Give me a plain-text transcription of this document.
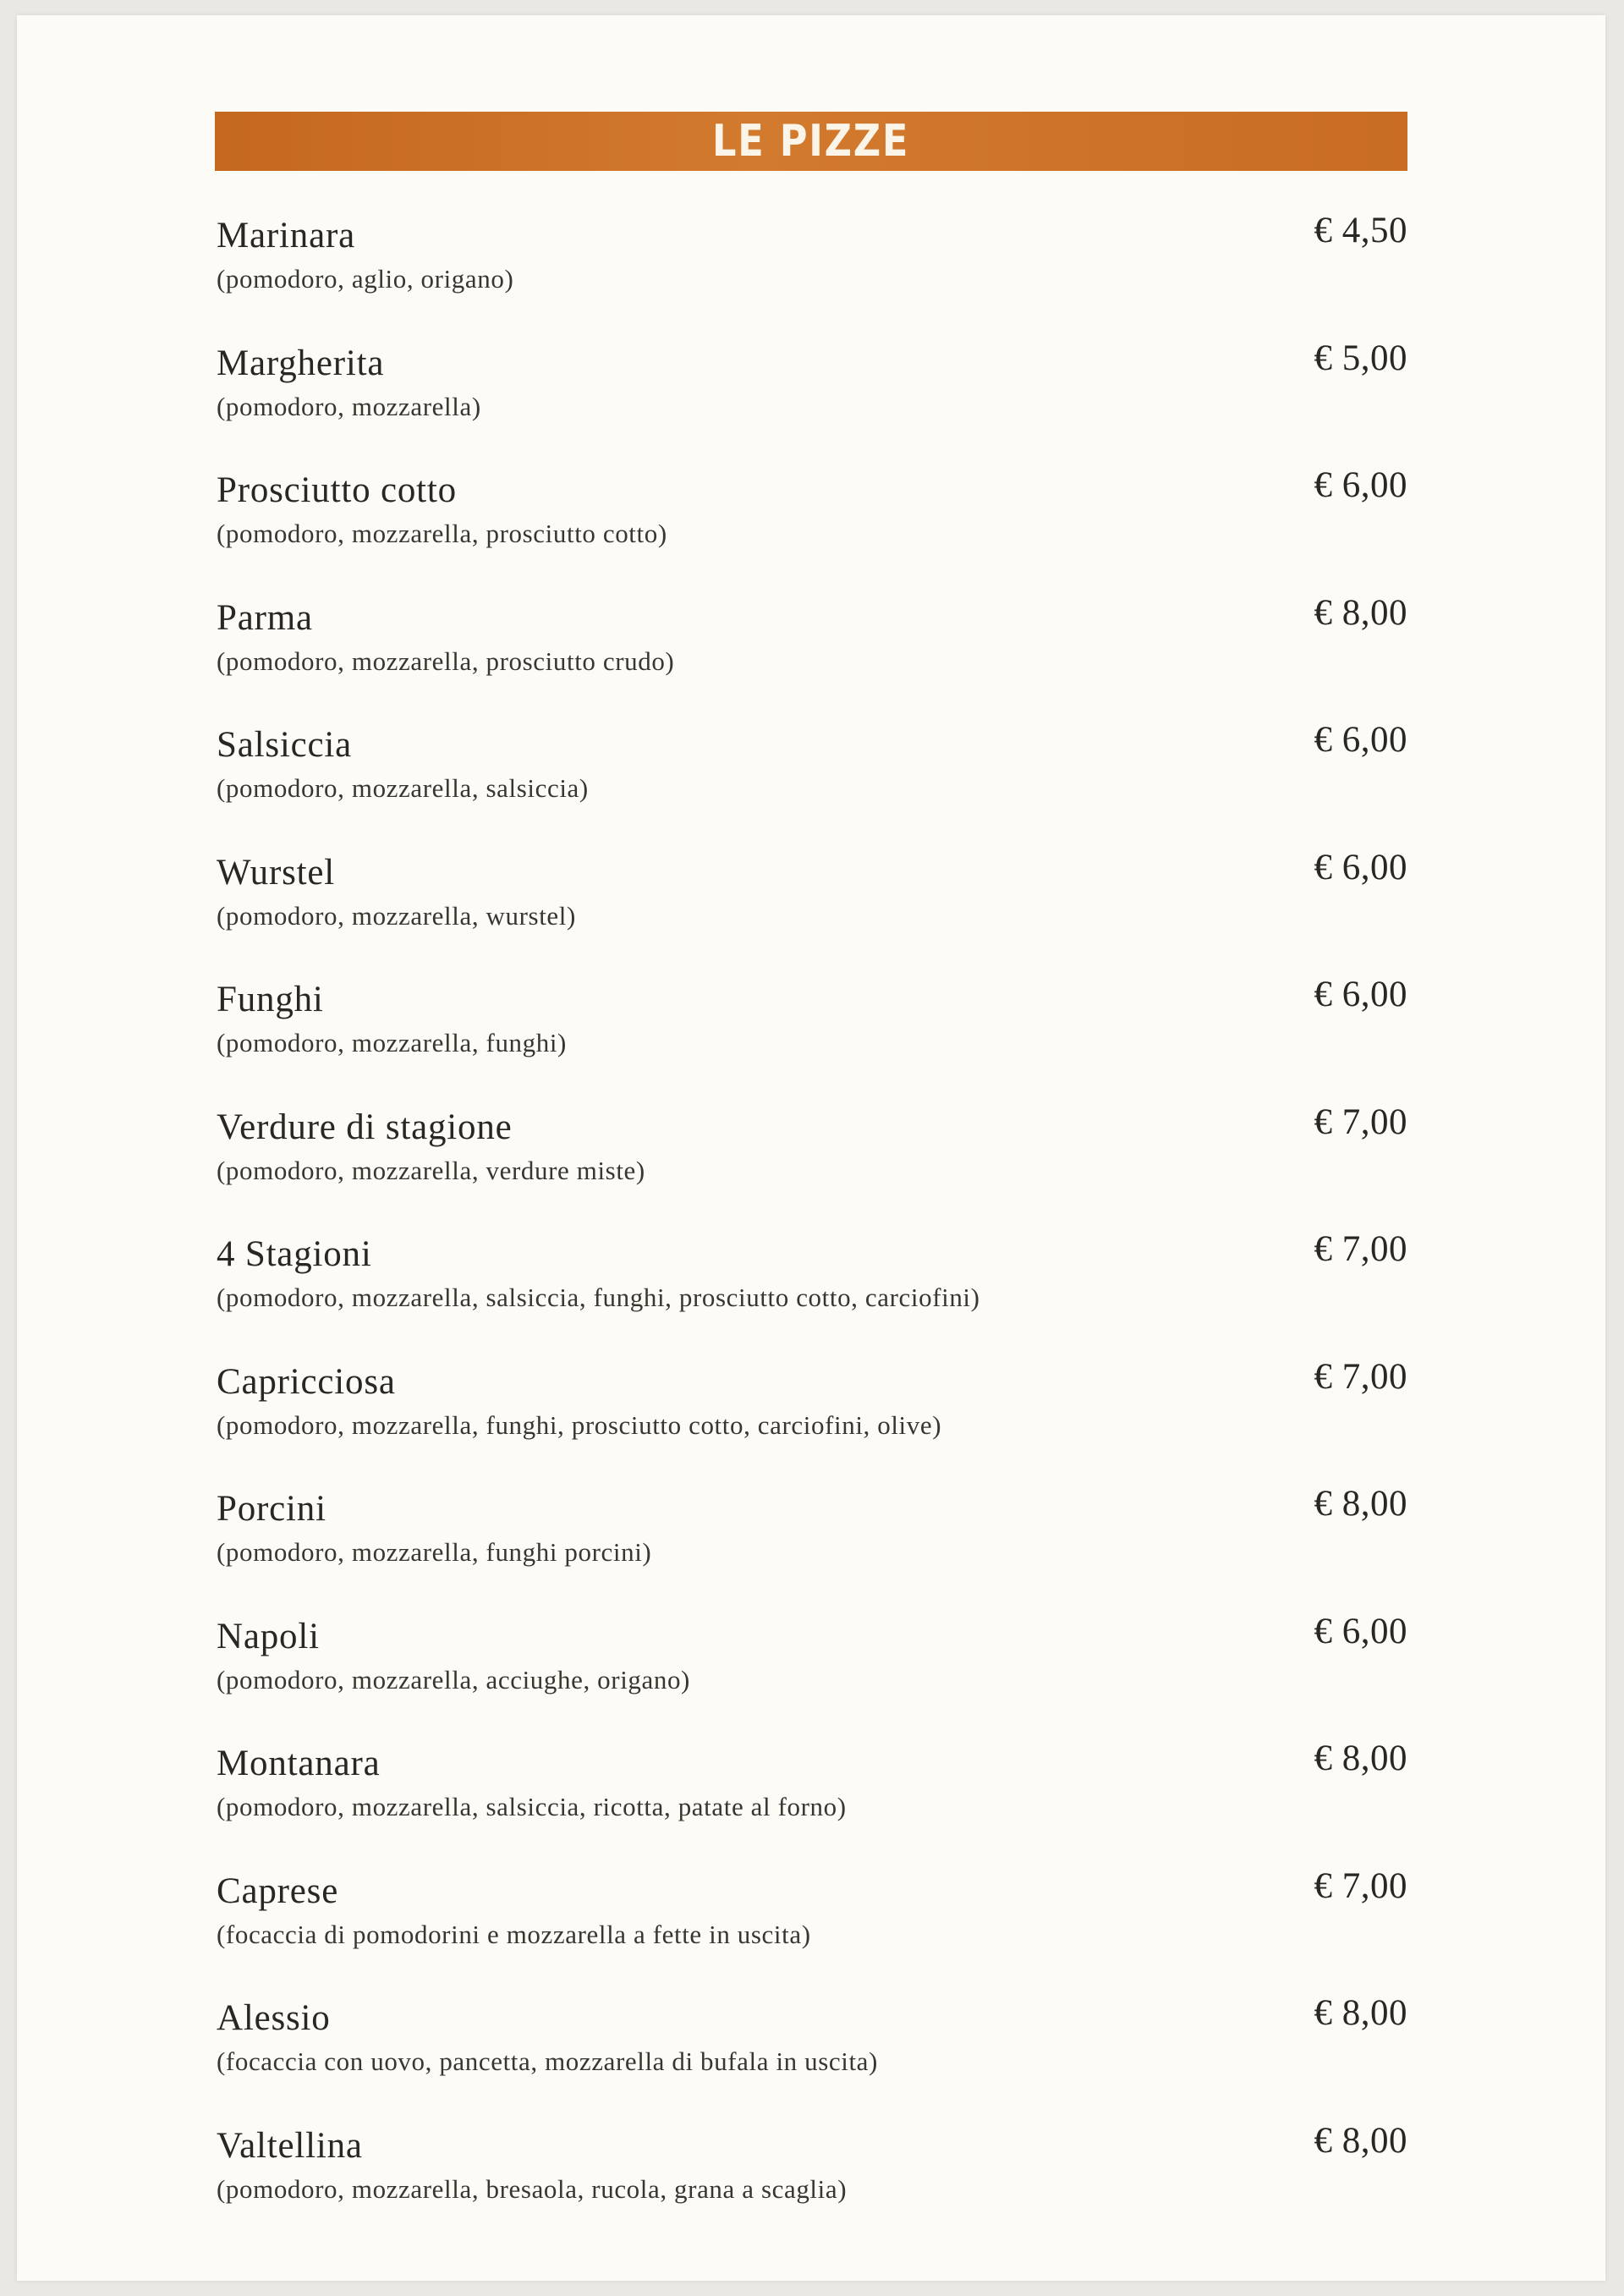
LE PIZZE
Marinara
(pomodoro, aglio, origano)
€ 4,50
Margherita
(pomodoro, mozzarella)
€ 5,00
Prosciutto cotto
(pomodoro, mozzarella, prosciutto cotto)
€ 6,00
Parma
(pomodoro, mozzarella, prosciutto crudo)
€ 8,00
Salsiccia
(pomodoro, mozzarella, salsiccia)
€ 6,00
Wurstel
(pomodoro, mozzarella, wurstel)
€ 6,00
Funghi
(pomodoro, mozzarella, funghi)
€ 6,00
Verdure di stagione
(pomodoro, mozzarella, verdure miste)
€ 7,00
4 Stagioni
(pomodoro, mozzarella, salsiccia, funghi, prosciutto cotto, carciofini)
€ 7,00
Capricciosa
(pomodoro, mozzarella, funghi, prosciutto cotto, carciofini, olive)
€ 7,00
Porcini
(pomodoro, mozzarella, funghi porcini)
€ 8,00
Napoli
(pomodoro, mozzarella, acciughe, origano)
€ 6,00
Montanara
(pomodoro, mozzarella, salsiccia, ricotta, patate al forno)
€ 8,00
Caprese
(focaccia di pomodorini e mozzarella a fette in uscita)
€ 7,00
Alessio
(focaccia con uovo, pancetta, mozzarella di bufala in uscita)
€ 8,00
Valtellina
(pomodoro, mozzarella, bresaola, rucola, grana a scaglia)
€ 8,00
